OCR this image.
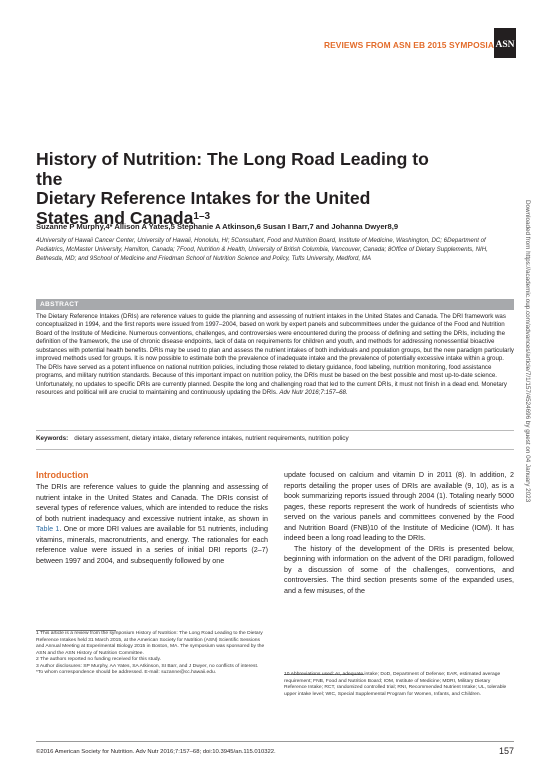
REVIEWS FROM ASN EB 2015 SYMPOSIA ASN
History of Nutrition: The Long Road Leading to the
Dietary Reference Intakes for the United
States and Canada$^{1-3}$
Suzanne P Murphy,4* Allison A Yates,5 Stephanie A Atkinson,6 Susan I Barr,7 and Johanna Dwyer8,9
4University of Hawaii Cancer Center, University of Hawaii, Honolulu, HI; 5Consultant, Food and Nutrition Board, Institute of Medicine, Washington, DC; 6Department of Pediatrics, McMaster University, Hamilton, Canada; 7Food, Nutrition & Health, University of British Columbia, Vancouver, Canada; 8Office of Dietary Supplements, NIH, Bethesda, MD; and 9School of Medicine and Friedman School of Nutrition Science and Policy, Tufts University, Medford, MA	Downloaded from https://academic.oup.com/advances/article/7/1/157/4524696 by guest on 04 January 2023
ABSTRACT
The Dietary Reference Intakes (DRIs) are reference values to guide the planning and assessing of nutrient intakes in the United States and Canada. The DRI framework was conceptualized in 1994, and the first reports were issued from 1997–2004, based on work by expert panels and subcommittees under the guidance of the Food and Nutrition Board of the Institute of Medicine. Numerous conventions, challenges, and controversies were encountered during the process of defining and setting the DRIs, including the definition of the framework, the use of chronic disease endpoints, lack of data on requirements for children and youth, and methods for addressing nonessential bioactive substances with potential health benefits. DRIs may be used to plan and assess the nutrient intakes of both individuals and population groups, but the new paradigm particularly improved methods used for groups. It is now possible to estimate both the prevalence of inadequate intake and the prevalence of potentially excessive intake within a group. The DRIs have served as a potent influence on national nutrition policies, including those related to dietary guidance, food labeling, nutrition monitoring, food assistance programs, and military nutrition standards. Because of this important impact on nutrition policy, the DRIs must be based on the best possible and most up-to-date science. Unfortunately, no updates to specific DRIs are currently planned. Despite the long and challenging road that led to the current DRIs, it must not finish in a dead end. Monetary resources and political will are crucial to maintaining and continuously updating the DRIs. Adv Nutr 2016;7:157–68.
Keywords: dietary assessment, dietary intake, dietary reference intakes, nutrient requirements, nutrition policy
Introduction
The DRIs are reference values to guide the planning and assessing of nutrient intake in the United States and Canada. The DRIs consist of several types of reference values, which are intended to reduce the risks of both nutrient inadequacy and excessive nutrient intake, as shown in Table 1. One or more DRI values are available for 51 nutrients, including vitamins, minerals, macronutrients, and energy. The rationales for each reference value were issued in a series of initial DRI reports (2–7) between 1997 and 2004, and subsequently followed by one
update focused on calcium and vitamin D in 2011 (8). In addition, 2 reports detailing the proper uses of DRIs are available (9, 10), as is a book summarizing reports issued through 2004 (1). Totaling nearly 5000 pages, these reports represent the work of hundreds of scientists who served on the various panels and committees convened by the Food and Nutrition Board (FNB)10 of the Institute of Medicine (IOM). It has indeed been a long road leading to the DRIs.
The history of the development of the DRIs is presented below, beginning with information on the advent of the DRI paradigm, followed by a discussion of some of the challenges, conventions, and controversies. The third section presents some of the expanded uses, and a few misuses, of the
1 This article is a review from the symposium History of Nutrition: The Long Road Leading to the Dietary Reference Intakes held 31 March 2015, at the American Society for Nutrition (ASN) Scientific Sessions and Annual Meeting at Experimental Biology 2015 in Boston, MA. The symposium was sponsored by the ASN and the ASN History of Nutrition Committee.
2 The authors reported no funding received for this study.
3 Author disclosures: SP Murphy, AA Yates, SA Atkinson, SI Barr, and J Dwyer, no conflicts of interest.
*To whom correspondence should be addressed. E-mail: suzanne@cc.hawaii.edu.	10 Abbreviations used: AI, adequate intake; DoD, Department of Defense; EAR, estimated average requirement; FNB, Food and Nutrition Board; IOM, Institute of Medicine; MDRI, Military Dietary Reference Intake; RCT, randomized controlled trial; RNI, Recommended Nutrient Intake; UL, tolerable upper intake level; WIC, Special Supplemental Program for Women, Infants, and Children.
©2016 American Society for Nutrition. Adv Nutr 2016;7:157–68; doi:10.3945/an.115.010322.	157
